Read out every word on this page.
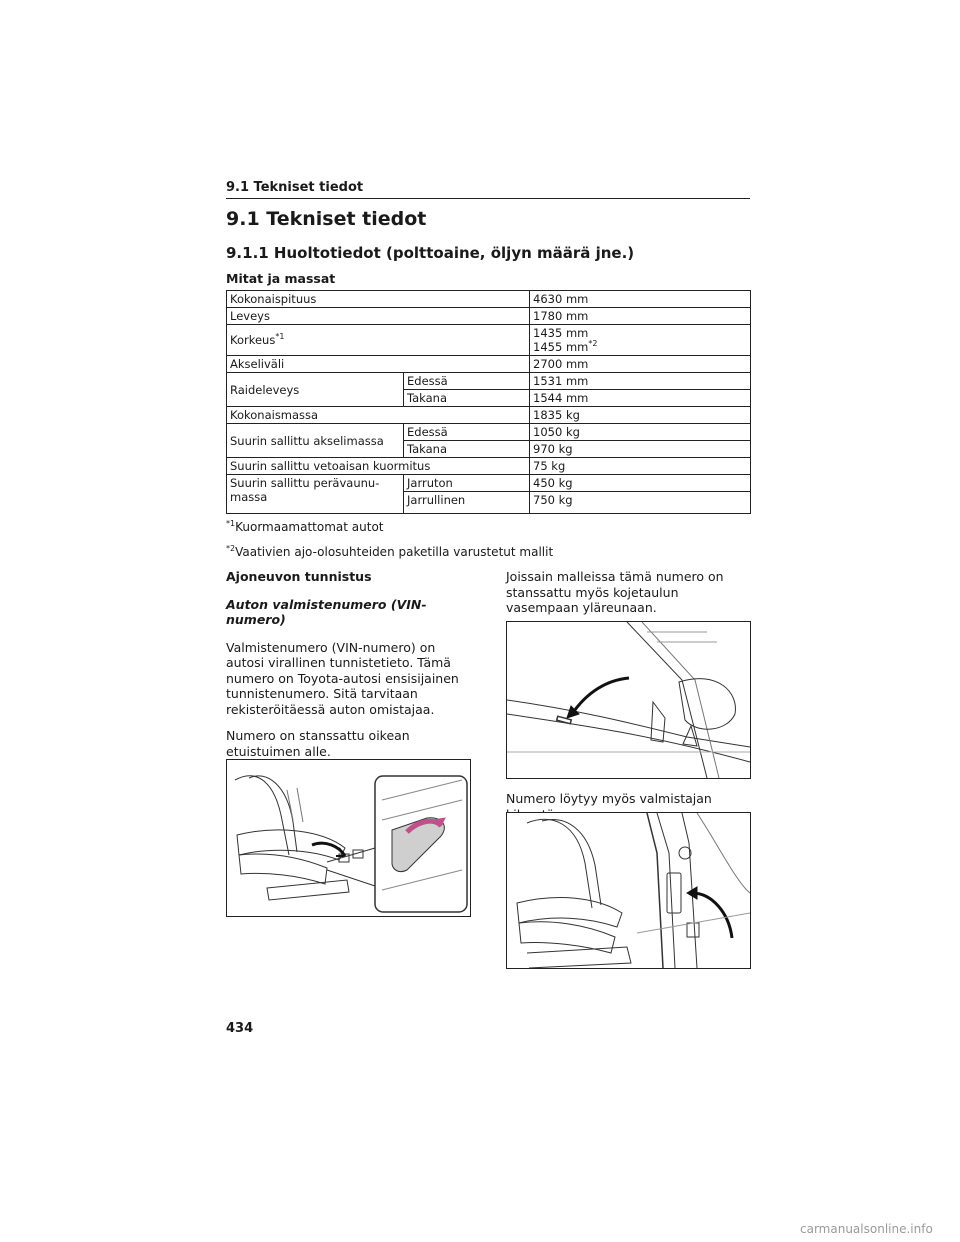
9.1 Tekniset tiedot
9.1 Tekniset tiedot
9.1.1 Huoltotiedot (polttoaine, öljyn määrä jne.)
Mitat ja massat
Kokonaispituus		4630 mm
Leveys		1780 mm
Korkeus$^{*1}$		1435 mm
1455 $mm^{*2}$
Akseliväli		2700 mm
Raideleveys	Edessä	1531 mm
	Takana	1544 mm
Kokonaismassa		1835 kg
Suurin sallittu akselimassa	Edessä	1050 kg
	Takana	970 kg
Suurin sallittu vetoaisan kuormitus		75 kg
Suurin sallittu perävaunu-massa	Jarruton	450 kg
	Jarrullinen	750 kg
$^{*1}$Kuormaamattomat autot
$^{*2}$Vaativien ajo-olosuhteiden paketilla varustetut mallit
Ajoneuvon tunnistus
Auton valmistenumero (VIN-numero)

Valmistenumero (VIN-numero) on autosi virallinen tunnistetieto. Tämä numero on Toyota-autosi ensisijainen tunnistenumero. Sitä tarvitaan rekisteröitäessä auton omistajaa.

Numero on stanssattu oikean etuistuimen alle.

Joissain malleissa tämä numero on stanssattu myös kojetaulun vasempaan yläreunaan.

Numero löytyy myös valmistajan

434
carmanualsonline.info
